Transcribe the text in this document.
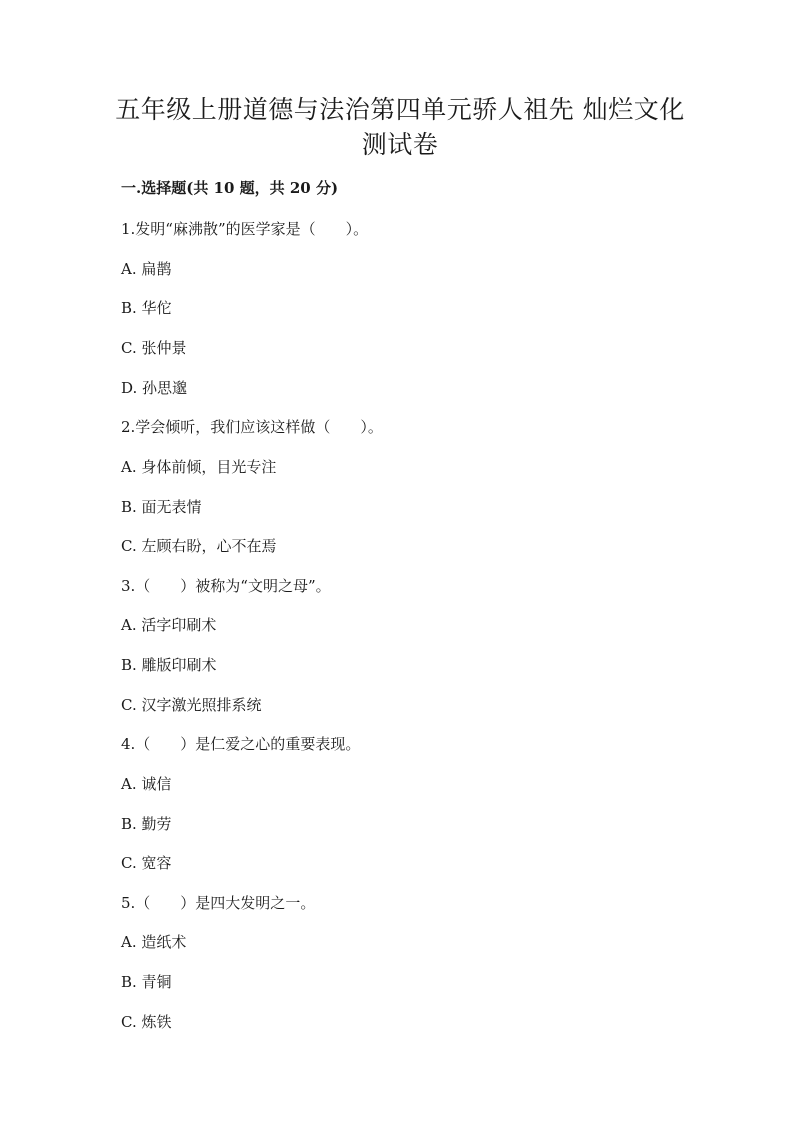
五年级上册道德与法治第四单元骄人祖先 灿烂文化
测试卷
一.选择题(共 10 题，共 20 分)
1.发明“麻沸散”的医学家是（　　）。
A. 扁鹊
B. 华佗
C. 张仲景
D. 孙思邈
2.学会倾听，我们应该这样做（　　）。
A. 身体前倾，目光专注
B. 面无表情
C. 左顾右盼，心不在焉
3.（　　）被称为“文明之母”。
A. 活字印刷术
B. 雕版印刷术
C. 汉字激光照排系统
4.（　　）是仁爱之心的重要表现。
A. 诚信
B. 勤劳
C. 宽容
5.（　　）是四大发明之一。
A. 造纸术
B. 青铜
C. 炼铁
